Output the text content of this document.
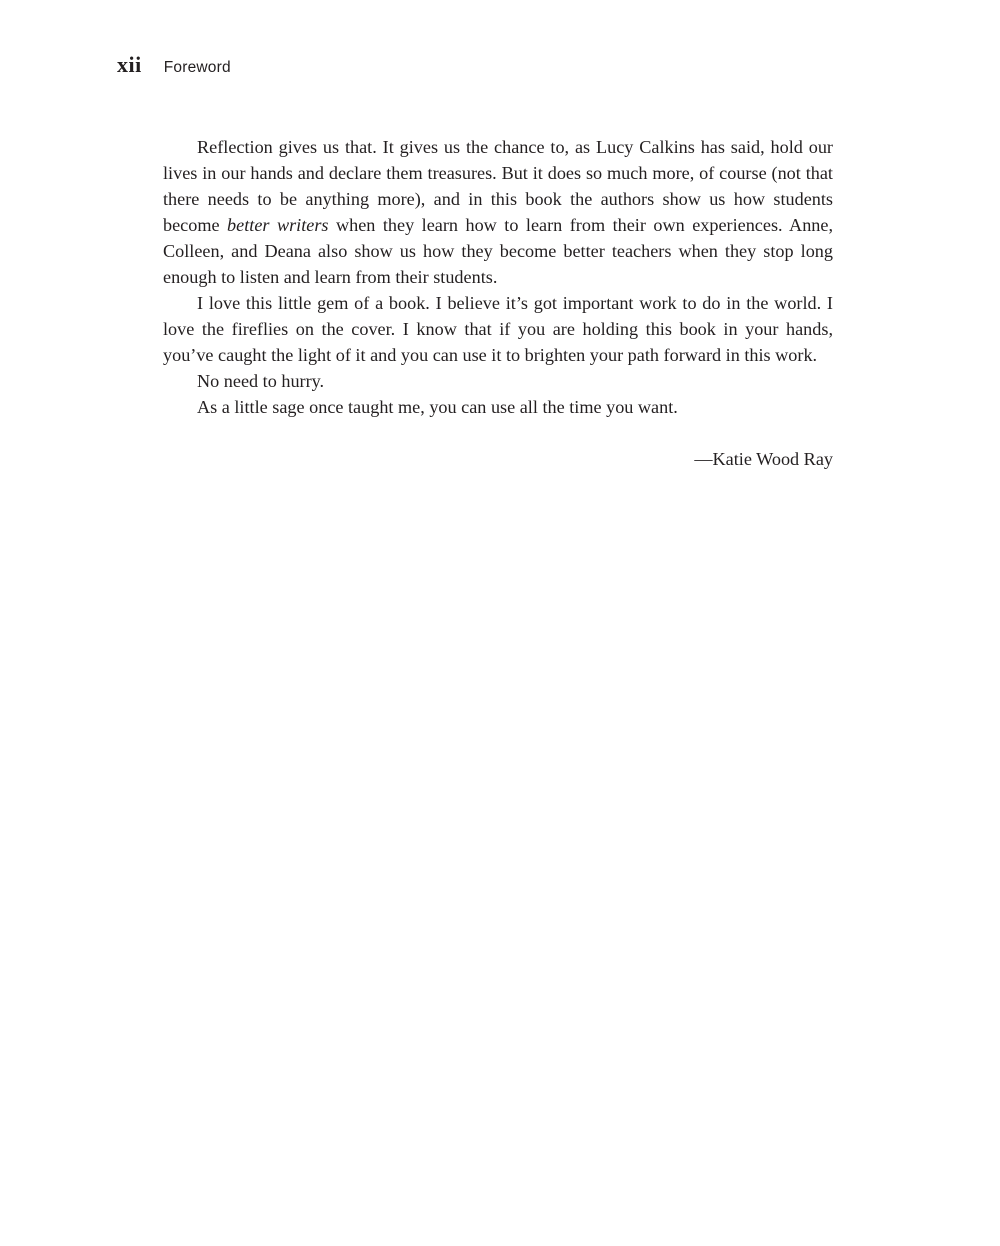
xii Foreword

Reflection gives us that. It gives us the chance to, as Lucy Calkins has said, hold our lives in our hands and declare them treasures. But it does so much more, of course (not that there needs to be anything more), and in this book the authors show us how students become better writers when they learn how to learn from their own experiences. Anne, Colleen, and Deana also show us how they become better teachers when they stop long enough to listen and learn from their students.

I love this little gem of a book. I believe it’s got important work to do in the world. I love the fireflies on the cover. I know that if you are holding this book in your hands, you’ve caught the light of it and you can use it to brighten your path forward in this work.

No need to hurry.

As a little sage once taught me, you can use all the time you want.

—Katie Wood Ray
